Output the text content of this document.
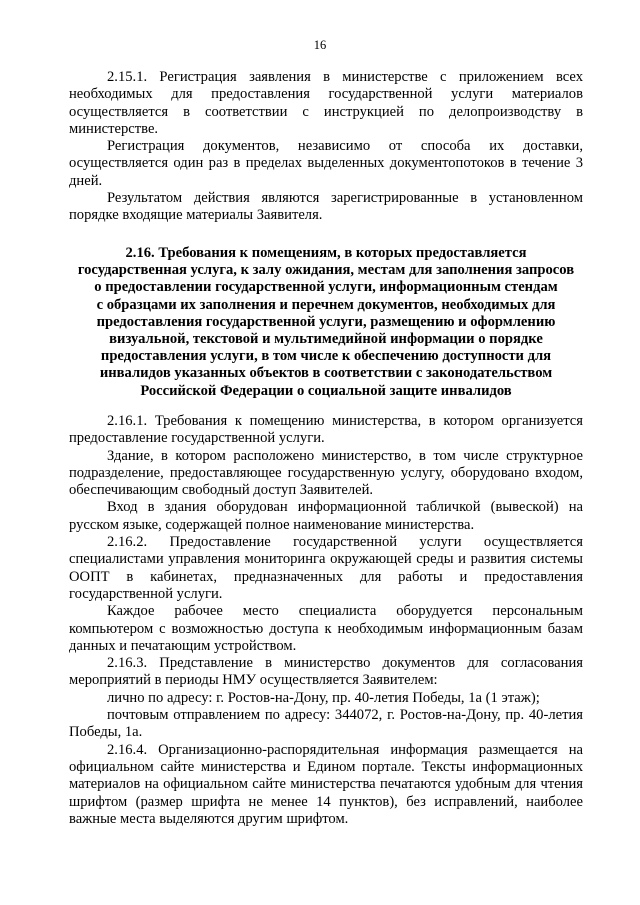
16

2.15.1. Регистрация заявления в министерстве с приложением всех необходимых для предоставления государственной услуги материалов осуществляется в соответствии с инструкцией по делопроизводству в министерстве.

Регистрация документов, независимо от способа их доставки, осуществляется один раз в пределах выделенных документопотоков в течение 3 дней.

Результатом действия являются зарегистрированные в установленном порядке входящие материалы Заявителя.

2.16. Требования к помещениям, в которых предоставляется
государственная услуга, к залу ожидания, местам для заполнения запросов
о предоставлении государственной услуги, информационным стендам
с образцами их заполнения и перечнем документов, необходимых для
предоставления государственной услуги, размещению и оформлению
визуальной, текстовой и мультимедийной информации о порядке
предоставления услуги, в том числе к обеспечению доступности для
инвалидов указанных объектов в соответствии с законодательством
Российской Федерации о социальной защите инвалидов

2.16.1. Требования к помещению министерства, в котором организуется предоставление государственной услуги.

Здание, в котором расположено министерство, в том числе структурное подразделение, предоставляющее государственную услугу, оборудовано входом, обеспечивающим свободный доступ Заявителей.

Вход в здания оборудован информационной табличкой (вывеской) на русском языке, содержащей полное наименование министерства.

2.16.2. Предоставление государственной услуги осуществляется специалистами управления мониторинга окружающей среды и развития системы ООПТ в кабинетах, предназначенных для работы и предоставления государственной услуги.

Каждое рабочее место специалиста оборудуется персональным компьютером с возможностью доступа к необходимым информационным базам данных и печатающим устройством.

2.16.3. Представление в министерство документов для согласования мероприятий в периоды НМУ осуществляется Заявителем:

лично по адресу: г. Ростов-на-Дону, пр. 40-летия Победы, 1а (1 этаж);

почтовым отправлением по адресу: 344072, г. Ростов-на-Дону, пр. 40-летия Победы, 1а.

2.16.4. Организационно-распорядительная информация размещается на официальном сайте министерства и Едином портале. Тексты информационных материалов на официальном сайте министерства печатаются удобным для чтения шрифтом (размер шрифта не менее 14 пунктов), без исправлений, наиболее важные места выделяются другим шрифтом.
